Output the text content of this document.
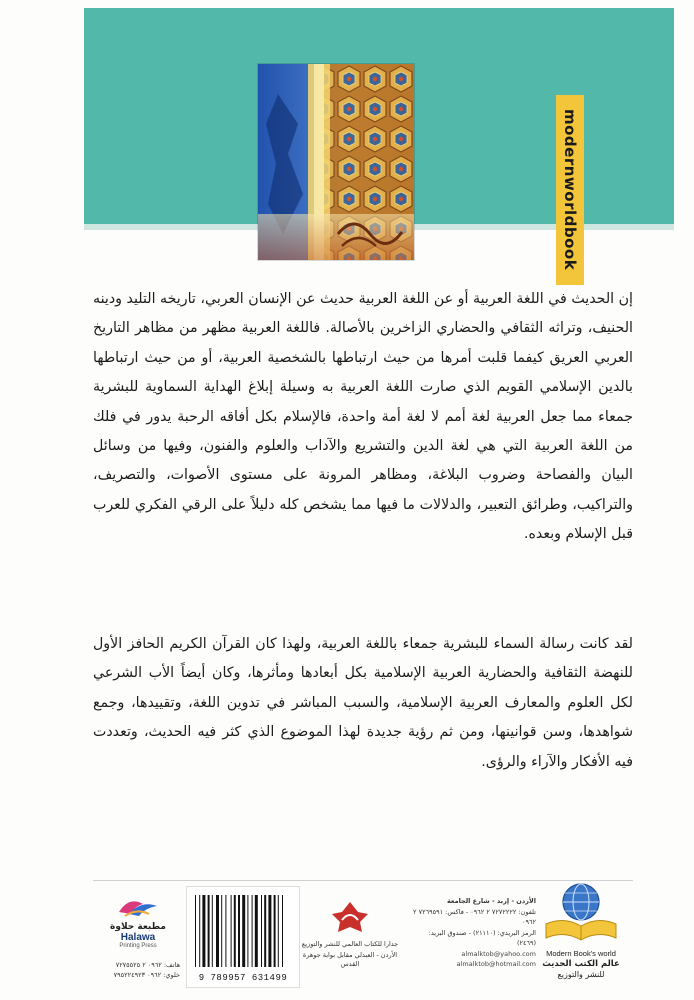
modernworldbook

إن الحديث في اللغة العربية أو عن اللغة العربية حديث عن الإنسان العربي، تاريخه التليد ودينه الحنيف، وتراثه الثقافي والحضاري الزاخرين بالأصالة. فاللغة العربية مظهر من مظاهر التاريخ العربي العريق كيفما قلبت أمرها من حيث ارتباطها بالشخصية العربية، أو من حيث ارتباطها بالدين الإسلامي القويم الذي صارت اللغة العربية به وسيلة إبلاغ الهداية السماوية للبشرية جمعاء مما جعل العربية لغة أمم لا لغة أمة واحدة، فالإسلام بكل أفاقه الرحبة يدور في فلك من اللغة العربية التي هي لغة الدين والتشريع والآداب والعلوم والفنون، وفيها من وسائل البيان والفصاحة وضروب البلاغة، ومظاهر المرونة على مستوى الأصوات، والتصريف، والتراكيب، وطرائق التعبير، والدلالات ما فيها مما يشخص كله دليلاً على الرقي الفكري للعرب قبل الإسلام وبعده.

لقد كانت رسالة السماء للبشرية جمعاء باللغة العربية، ولهذا كان القرآن الكريم الحافز الأول للنهضة الثقافية والحضارية العربية الإسلامية بكل أبعادها ومأثرها، وكان أيضاً الأب الشرعي لكل العلوم والمعارف العربية الإسلامية، والسبب المباشر في تدوين اللغة، وتقييدها، وجمع شواهدها، وسن قوانينها، ومن ثم رؤية جديدة لهذا الموضوع الذي كثر فيه الحديث، وتعددت فيه الأفكار والآراء والرؤى.

مطبعة حلاوة
Halawa
Printing Press
هاتف: ٠٩٦٢ ٢ ٧٢٧٥٥٢٥
خلوي: ٠٩٦٢ ٧٩٥٢٢٤٩٢٣	9 789957 631499
جدارا للكتاب العالمي للنشر والتوزيع
الأردن - العبدلي مقابل بوابة جوهرة القدس
الأردن - إربد - شارع الجامعة
تلفون: ٧٢٧٢٢٢٢ ٢ ٠٩٦٢ - فاكس: ٧٢٦٩٥٩١ ٢ ٠٩٦٢
الرمز البريدي: (٢١١١٠) - صندوق البريد: (٢٤٦٩)
almalktob@yahoo.com
almalktob@hotmail.com
Modern Book's world
عالم الكتب الحديث
للنشر والتوزيع
